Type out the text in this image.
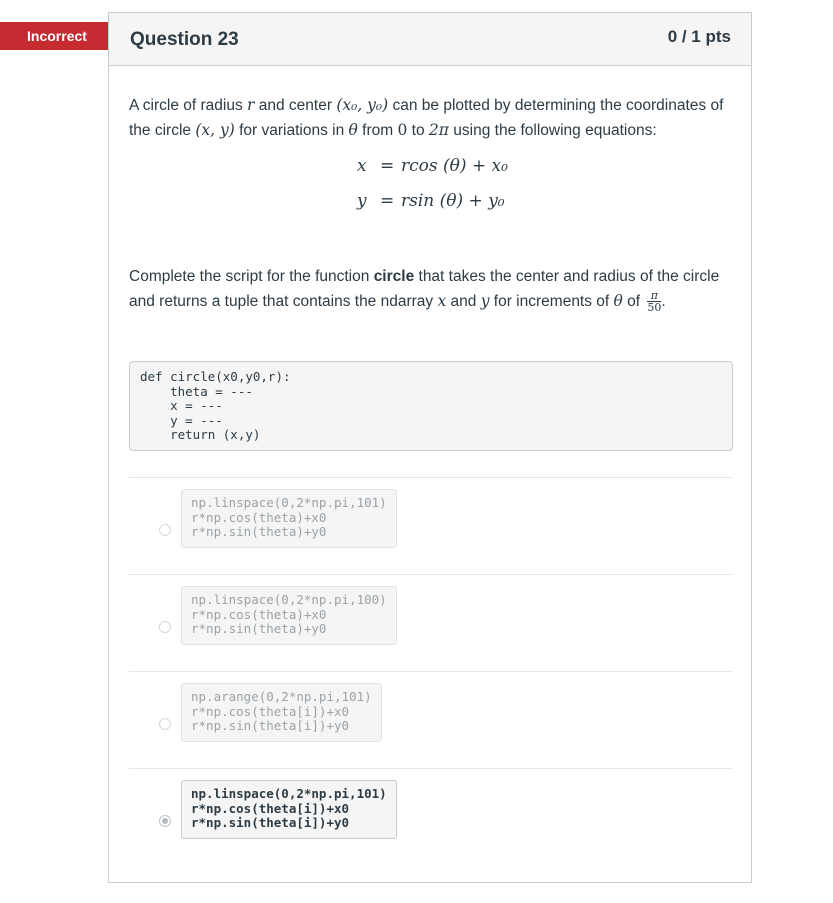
Incorrect	Question 23	0 / 1 pts

A circle of radius r and center (x₀, y₀) can be plotted by determining the coordinates of the circle (x, y) for variations in θ from 0 to 2π using the following equations:

x = rcos (θ) + x₀
y = rsin (θ) + y₀

Complete the script for the function circle that takes the center and radius of the circle and returns a tuple that contains the ndarray x and y for increments of θ of $\frac{\pi}{50}$ .

def circle(x0,y0,r):
theta = ---
x = ---
y = ---
return (x,y)
np.linspace(0,2*np.pi,101)
r*np.cos(theta)+x0
r*np.sin(theta)+y0
np.linspace(0,2*np.pi,100)
r*np.cos(theta)+x0
r*np.sin(theta)+y0
np.arange(0,2*np.pi,101)
r*np.cos(theta[i])+x0
r*np.sin(theta[i])+y0
np.linspace(0,2*np.pi,101)
r*np.cos(theta[i])+x0
r*np.sin(theta[i])+y0
